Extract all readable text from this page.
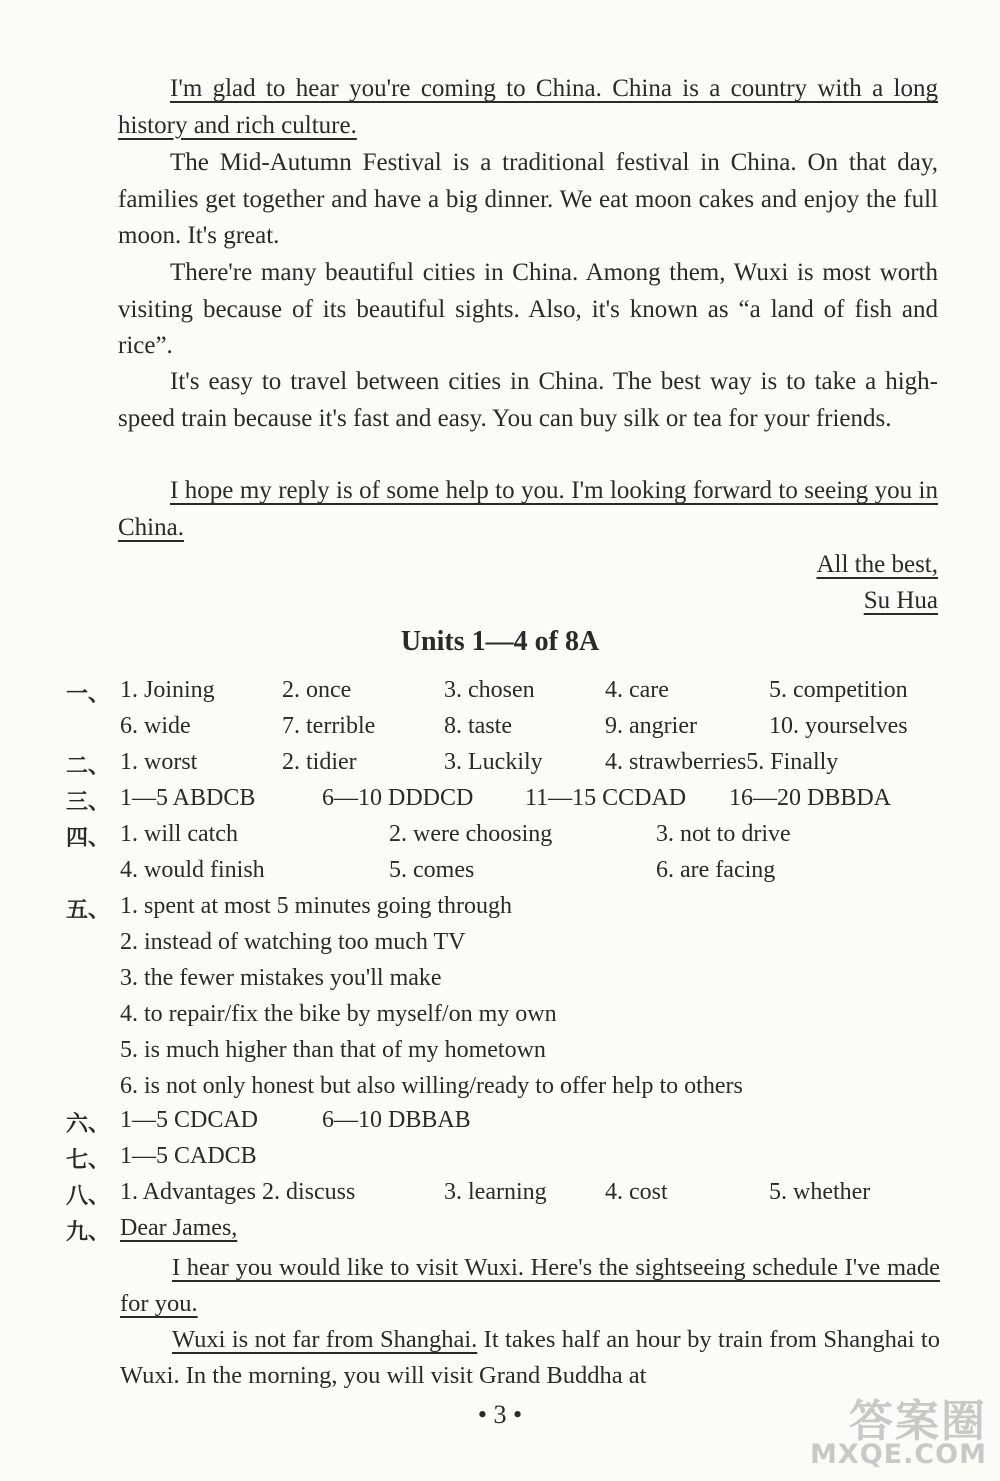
I'm glad to hear you're coming to China. China is a country with a long history and rich culture.

The Mid-Autumn Festival is a traditional festival in China. On that day, families get together and have a big dinner. We eat moon cakes and enjoy the full moon. It's great.

There're many beautiful cities in China. Among them, Wuxi is most worth visiting because of its beautiful sights. Also, it's known as “a land of fish and rice”.

It's easy to travel between cities in China. The best way is to take a high-speed train because it's fast and easy. You can buy silk or tea for your friends.

I hope my reply is of some help to you. I'm looking forward to seeing you in China.

All the best,
Su Hua
Units 1—4 of 8A
一、 1. Joining	2. once	3. chosen	4. care	5. competition
6. wide	7. terrible	8. taste	9. angrier	10. yourselves
二、 1. worst	2. tidier	3. Luckily	4. strawberries5. Finally
三、 1—5 ABDCB	6—10 DDDCD 11—15 CCDAD 16—20 DBBDA
四、 1. will catch	2. were choosing	3. not to drive
4. would finish	5. comes	6. are facing
五、 1. spent at most 5 minutes going through
2. instead of watching too much TV
3. the fewer mistakes you'll make
4. to repair/fix the bike by myself/on my own
5. is much higher than that of my hometown
6. is not only honest but also willing/ready to offer help to others
六、 1—5 CDCAD	6—10 DBBAB
七、 1—5 CADCB
八、 1. Advantages 2. discuss	3. learning 4. cost	5. whether
九、 Dear James,

I hear you would like to visit Wuxi. Here's the sightseeing schedule I've made for you.

Wuxi is not far from Shanghai. It takes half an hour by train from Shanghai to Wuxi. In the morning, you will visit Grand Buddha at

• 3 •	答案圈
MXQE.COM
